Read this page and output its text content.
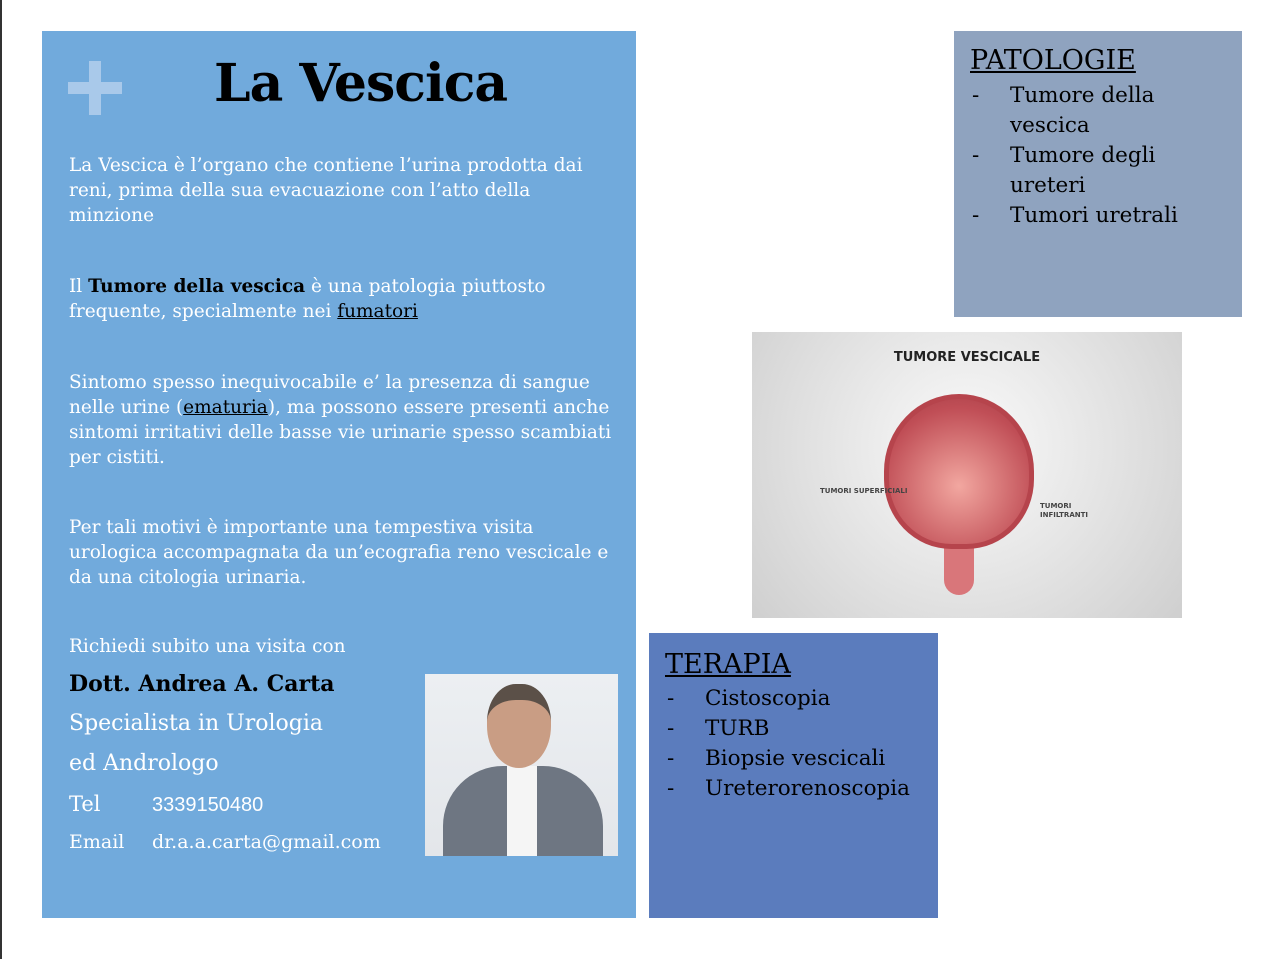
La Vescica

La Vescica è l’organo che contiene l’urina prodotta dai reni, prima della sua evacuazione con l’atto della minzione

Il Tumore della vescica è una patologia piuttosto frequente, specialmente nei fumatori

Sintomo spesso inequivocabile e’ la presenza di sangue nelle urine (ematuria), ma possono essere presenti anche sintomi irritativi delle basse vie urinarie spesso scambiati per cistiti.

Per tali motivi è importante una tempestiva visita urologica accompagnata da un’ecografia reno vescicale e da una citologia urinaria.

Richiedi subito una visita con
Dott. Andrea A. Carta
Specialista in Urologia
ed Andrologo
Tel	3339150480
Email dr.a.a.carta@gmail.com
PATOLOGIE
- Tumore della vescica
- Tumore degli ureteri
- Tumori uretrali
TUMORE VESCICALE
TUMORI SUPERFICIALI
TUMORI INFILTRANTI
TERAPIA
- Cistoscopia
- TURB
- Biopsie vescicali
- Ureterorenoscopia
